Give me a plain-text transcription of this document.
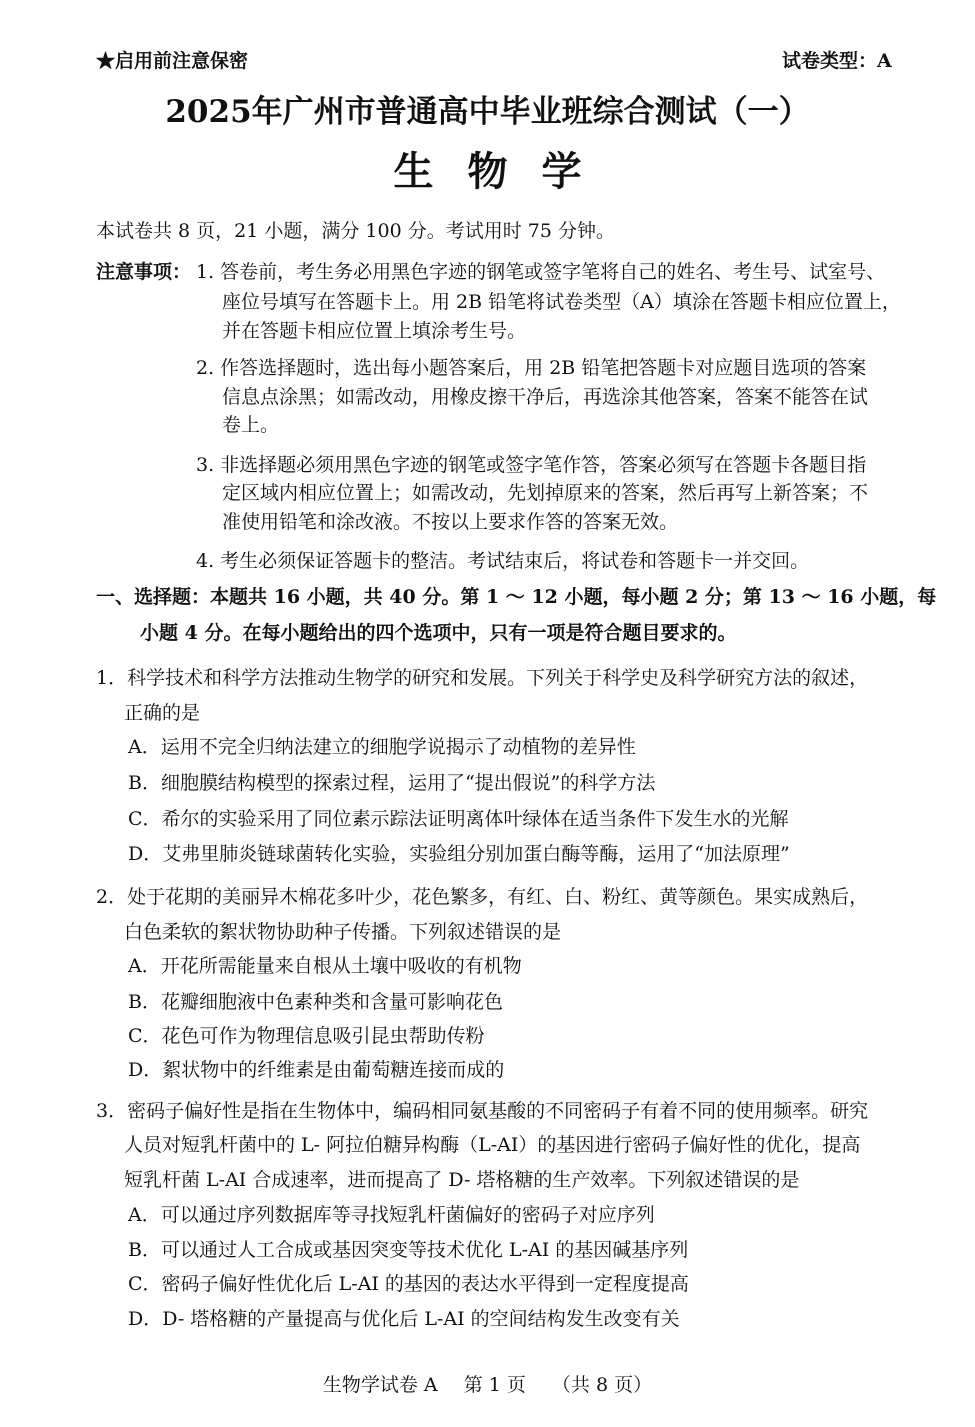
★启用前注意保密	试卷类型：A
2025年广州市普通高中毕业班综合测试（一）
生物学
本试卷共 8 页，21 小题，满分 100 分。考试用时 75 分钟。
注意事项： 1. 答卷前，考生务必用黑色字迹的钢笔或签字笔将自己的姓名、考生号、试室号、
座位号填写在答题卡上。用 2B 铅笔将试卷类型（A）填涂在答题卡相应位置上，
并在答题卡相应位置上填涂考生号。
2. 作答选择题时，选出每小题答案后，用 2B 铅笔把答题卡对应题目选项的答案
信息点涂黑；如需改动，用橡皮擦干净后，再选涂其他答案，答案不能答在试
卷上。
3. 非选择题必须用黑色字迹的钢笔或签字笔作答，答案必须写在答题卡各题目指
定区域内相应位置上；如需改动，先划掉原来的答案，然后再写上新答案；不
准使用铅笔和涂改液。不按以上要求作答的答案无效。
4. 考生必须保证答题卡的整洁。考试结束后，将试卷和答题卡一并交回。
一、选择题：本题共 16 小题，共 40 分。第 1 ～ 12 小题，每小题 2 分；第 13 ～ 16 小题，每
小题 4 分。在每小题给出的四个选项中，只有一项是符合题目要求的。
1．科学技术和科学方法推动生物学的研究和发展。下列关于科学史及科学研究方法的叙述，
正确的是
A．运用不完全归纳法建立的细胞学说揭示了动植物的差异性
B．细胞膜结构模型的探索过程，运用了“提出假说”的科学方法
C．希尔的实验采用了同位素示踪法证明离体叶绿体在适当条件下发生水的光解
D．艾弗里肺炎链球菌转化实验，实验组分别加蛋白酶等酶，运用了“加法原理”
2．处于花期的美丽异木棉花多叶少，花色繁多，有红、白、粉红、黄等颜色。果实成熟后，
白色柔软的絮状物协助种子传播。下列叙述错误的是
A．开花所需能量来自根从土壤中吸收的有机物
B．花瓣细胞液中色素种类和含量可影响花色
C．花色可作为物理信息吸引昆虫帮助传粉
D．絮状物中的纤维素是由葡萄糖连接而成的
3．密码子偏好性是指在生物体中，编码相同氨基酸的不同密码子有着不同的使用频率。研究
人员对短乳杆菌中的 L- 阿拉伯糖异构酶（L-AI）的基因进行密码子偏好性的优化，提高
短乳杆菌 L-AI 合成速率，进而提高了 D- 塔格糖的生产效率。下列叙述错误的是
A．可以通过序列数据库等寻找短乳杆菌偏好的密码子对应序列
B．可以通过人工合成或基因突变等技术优化 L-AI 的基因碱基序列
C．密码子偏好性优化后 L-AI 的基因的表达水平得到一定程度提高
D．D- 塔格糖的产量提高与优化后 L-AI 的空间结构发生改变有关
生物学试卷 A 第 1 页 （共 8 页）
